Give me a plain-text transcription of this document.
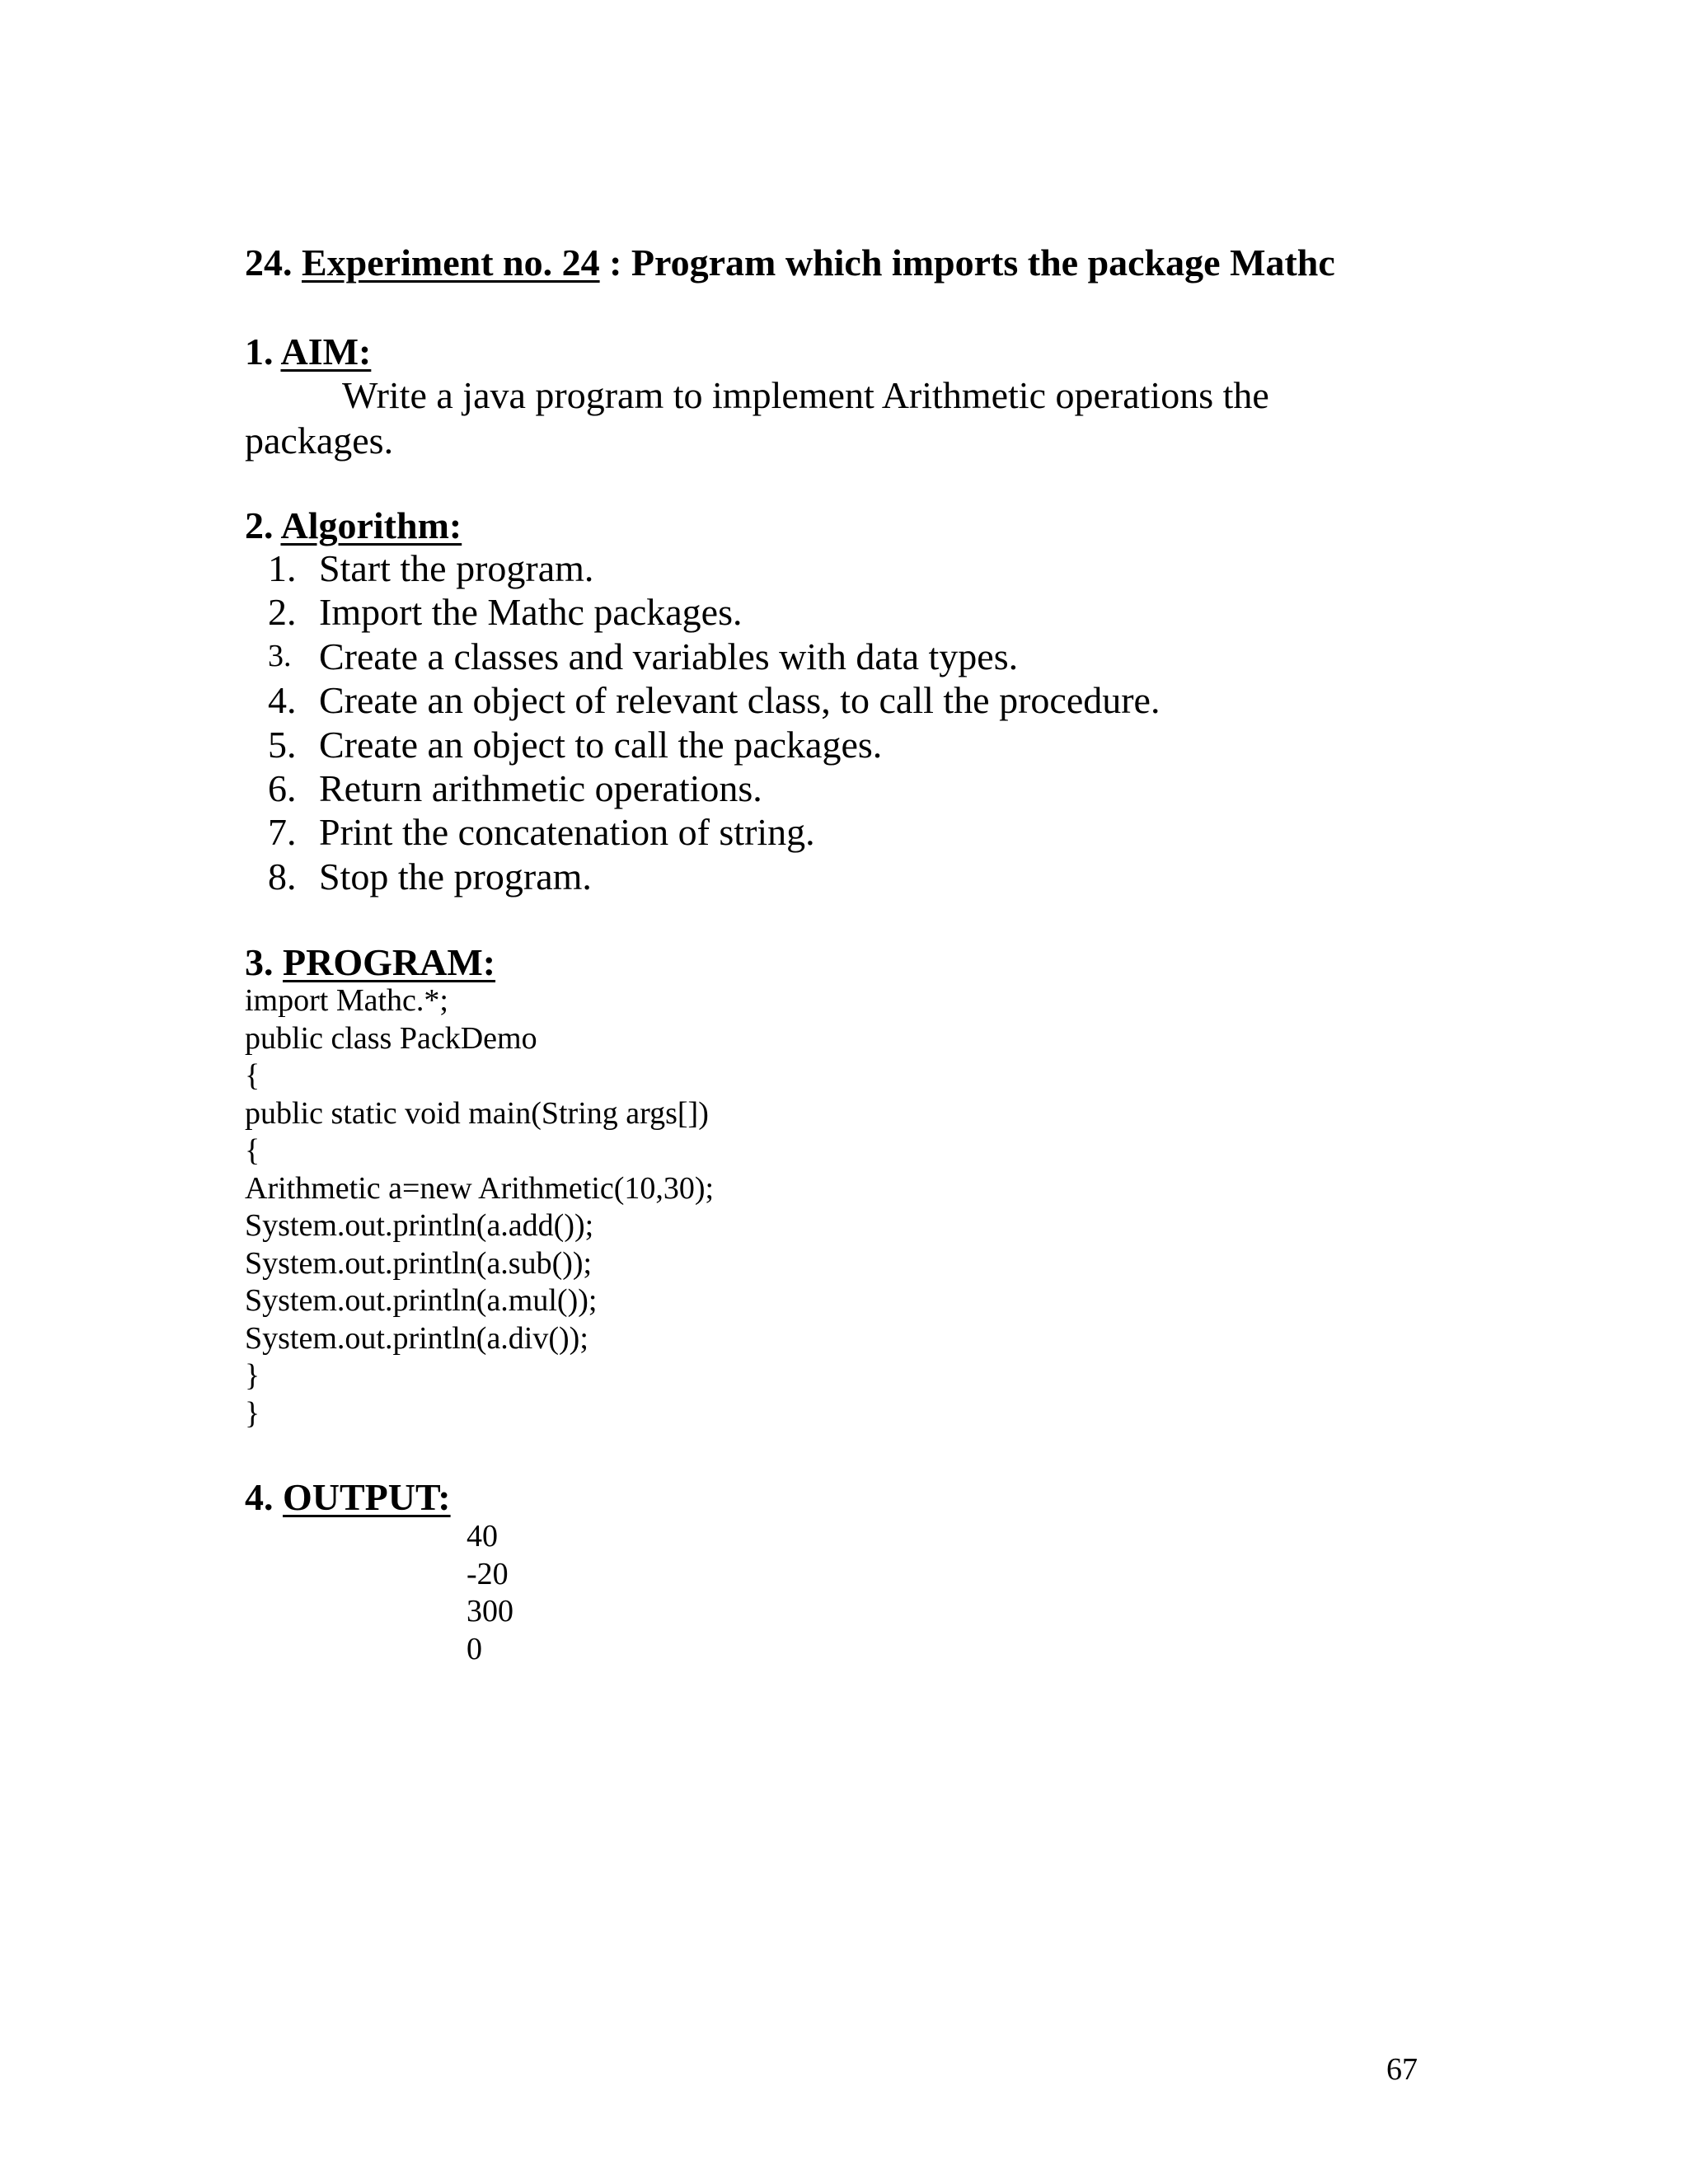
24. Experiment no. 24 : Program which imports the package Mathc
1. AIM:
Write a java program to implement Arithmetic operations the
packages.
2. Algorithm:
1. Start the program.
2. Import the Mathc packages.
3. Create a classes and variables with data types.
4. Create an object of relevant class, to call the procedure.
5. Create an object to call the packages.
6. Return arithmetic operations.
7. Print the concatenation of string.
8. Stop the program.
3. PROGRAM:
import Mathc.*;
public class PackDemo
{
public static void main(String args[])
{
Arithmetic a=new Arithmetic(10,30);
System.out.println(a.add());
System.out.println(a.sub());
System.out.println(a.mul());
System.out.println(a.div());
}
}
4. OUTPUT:
40
-20
300
0
67
